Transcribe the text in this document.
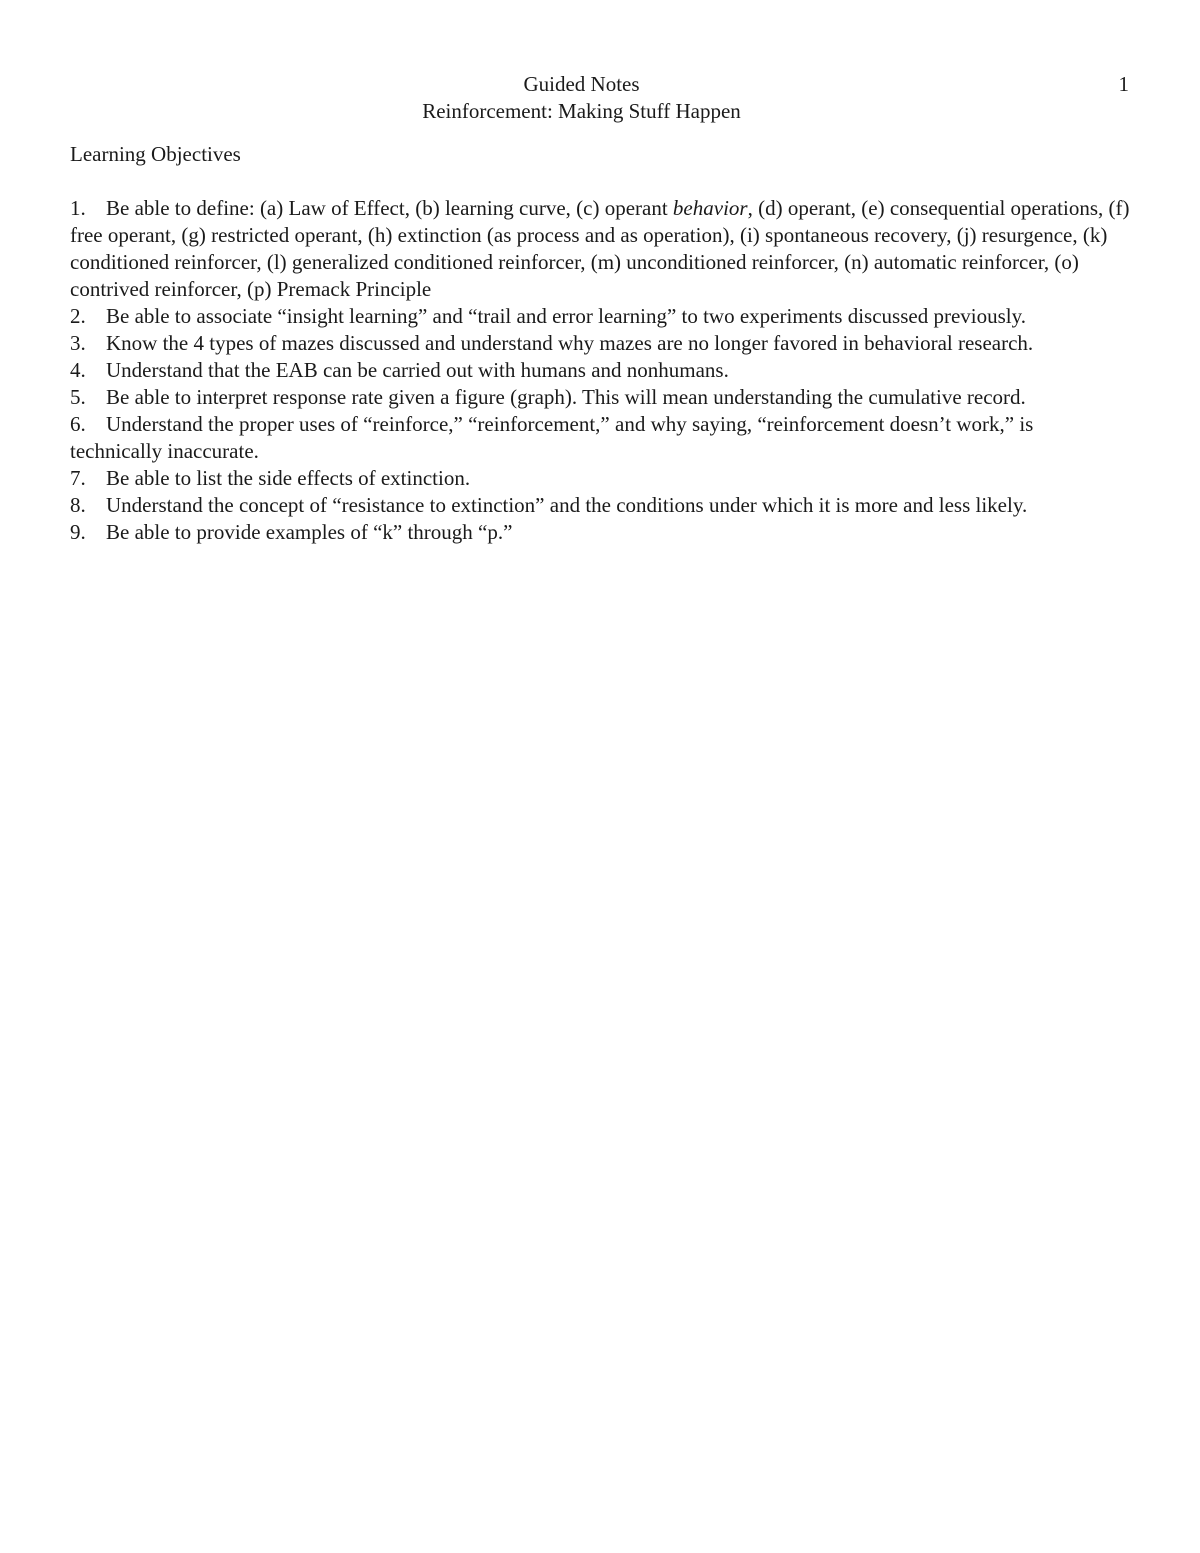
1
Guided Notes
Reinforcement: Making Stuff Happen
Learning Objectives
1. Be able to define: (a) Law of Effect, (b) learning curve, (c) operant behavior, (d) operant, (e) consequential operations, (f) free operant, (g) restricted operant, (h) extinction (as process and as operation), (i) spontaneous recovery, (j) resurgence, (k) conditioned reinforcer, (l) generalized conditioned reinforcer, (m) unconditioned reinforcer, (n) automatic reinforcer, (o) contrived reinforcer, (p) Premack Principle
2. Be able to associate “insight learning” and “trail and error learning” to two experiments discussed previously.
3. Know the 4 types of mazes discussed and understand why mazes are no longer favored in behavioral research.
4. Understand that the EAB can be carried out with humans and nonhumans.
5. Be able to interpret response rate given a figure (graph). This will mean understanding the cumulative record.
6. Understand the proper uses of “reinforce,” “reinforcement,” and why saying, “reinforcement doesn’t work,” is technically inaccurate.
7. Be able to list the side effects of extinction.
8. Understand the concept of “resistance to extinction” and the conditions under which it is more and less likely.
9. Be able to provide examples of “k” through “p.”
